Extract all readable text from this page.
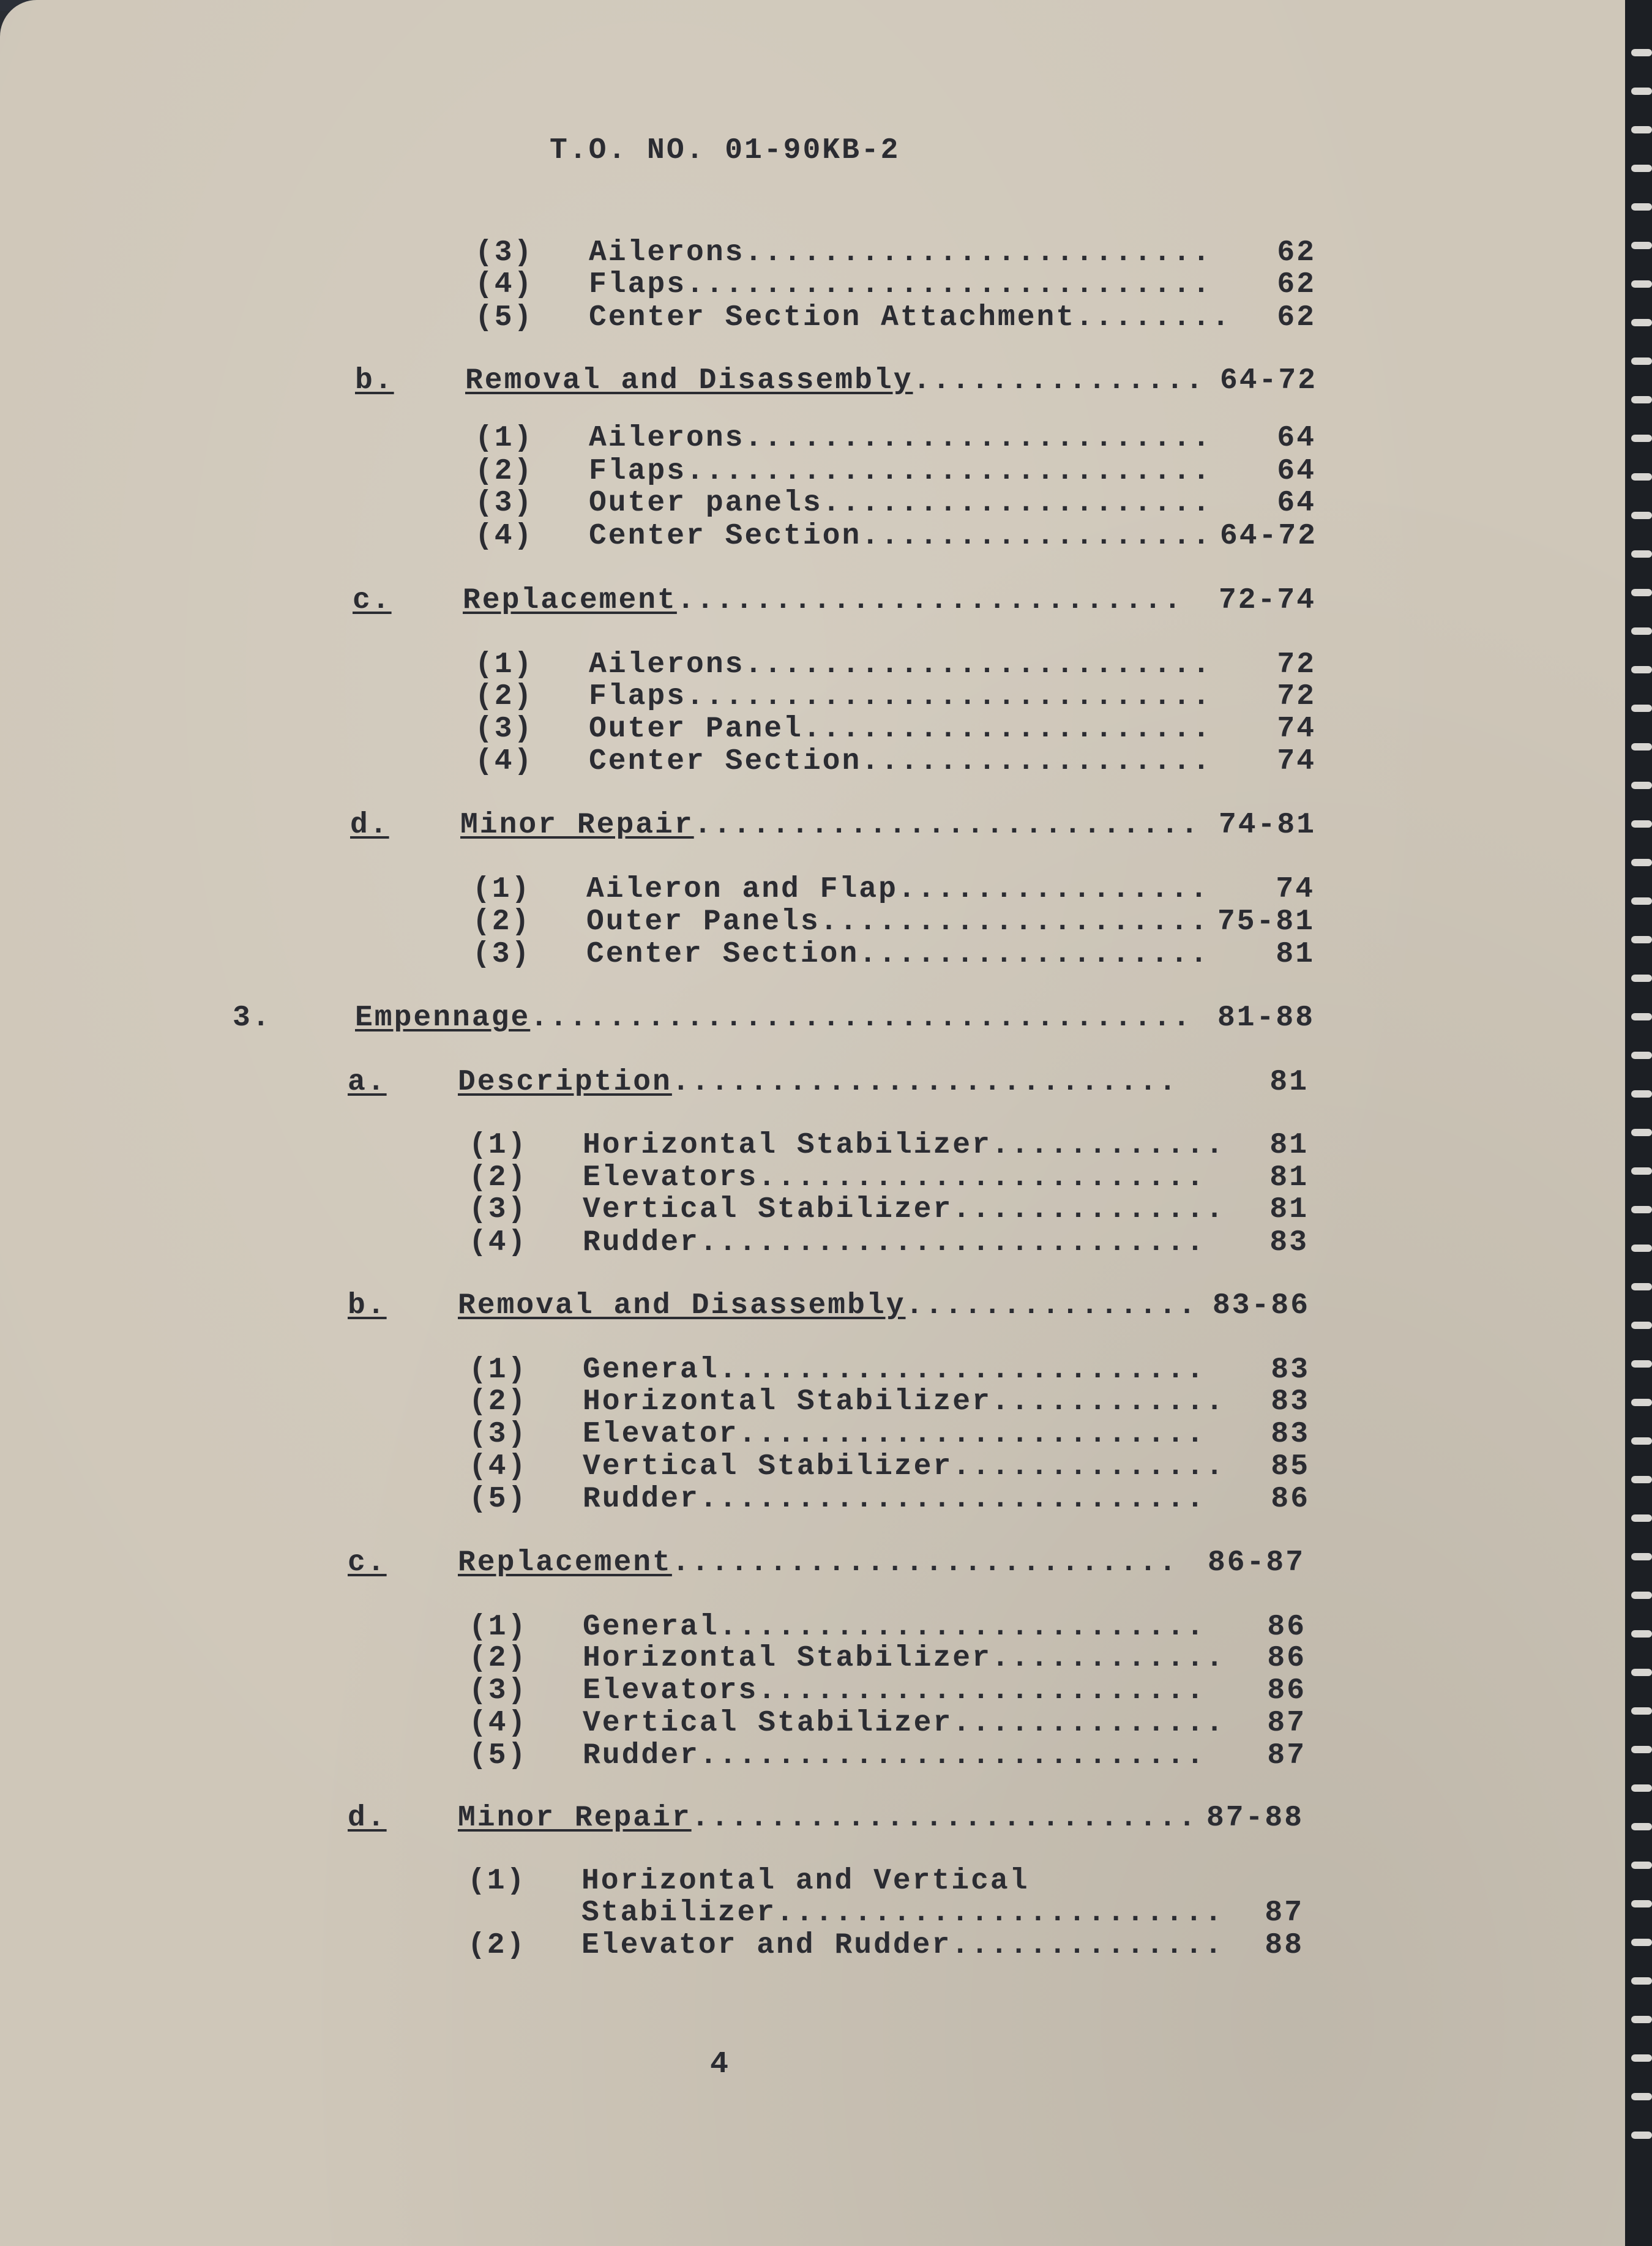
T.O. NO. 01-90KB-2
(3)	Ailerons ........................ 62
(4)	Flaps ........................... 62
(5)	Center Section Attachment ........ 62
b.	Removal and Disassembly ............... 64-72
(1)	Ailerons ........................ 64
(2)	Flaps ........................... 64
(3)	Outer panels .................... 64
(4)	Center Section .................. 64-72
c.	Replacement .......................... 72-74
(1)	Ailerons ........................ 72
(2)	Flaps ........................... 72
(3)	Outer Panel ..................... 74
(4)	Center Section .................. 74
d.	Minor Repair .......................... 74-81
(1)	Aileron and Flap ................ 74
(2)	Outer Panels .................... 75-81
(3)	Center Section .................. 81
3.	Empennage .................................. 81-88
a.	Description ..........................	81
(1)	Horizontal Stabilizer ............ 81
(2)	Elevators ....................... 81
(3)	Vertical Stabilizer .............. 81
(4)	Rudder .......................... 83
b.	Removal and Disassembly ............... 83-86
(1)	General ......................... 83
(2)	Horizontal Stabilizer ............ 83
(3)	Elevator ........................ 83
(4)	Vertical Stabilizer .............. 85
(5)	Rudder .......................... 86
c.	Replacement .......................... 86-87
(1)	General ......................... 86
(2)	Horizontal Stabilizer ............ 86
(3)	Elevators ....................... 86
(4)	Vertical Stabilizer .............. 87
(5)	Rudder .......................... 87
d.	Minor Repair .......................... 87-88
(1)	Horizontal and Vertical
Stabilizer ....................... 87
(2)	Elevator and Rudder .............. 88
4
